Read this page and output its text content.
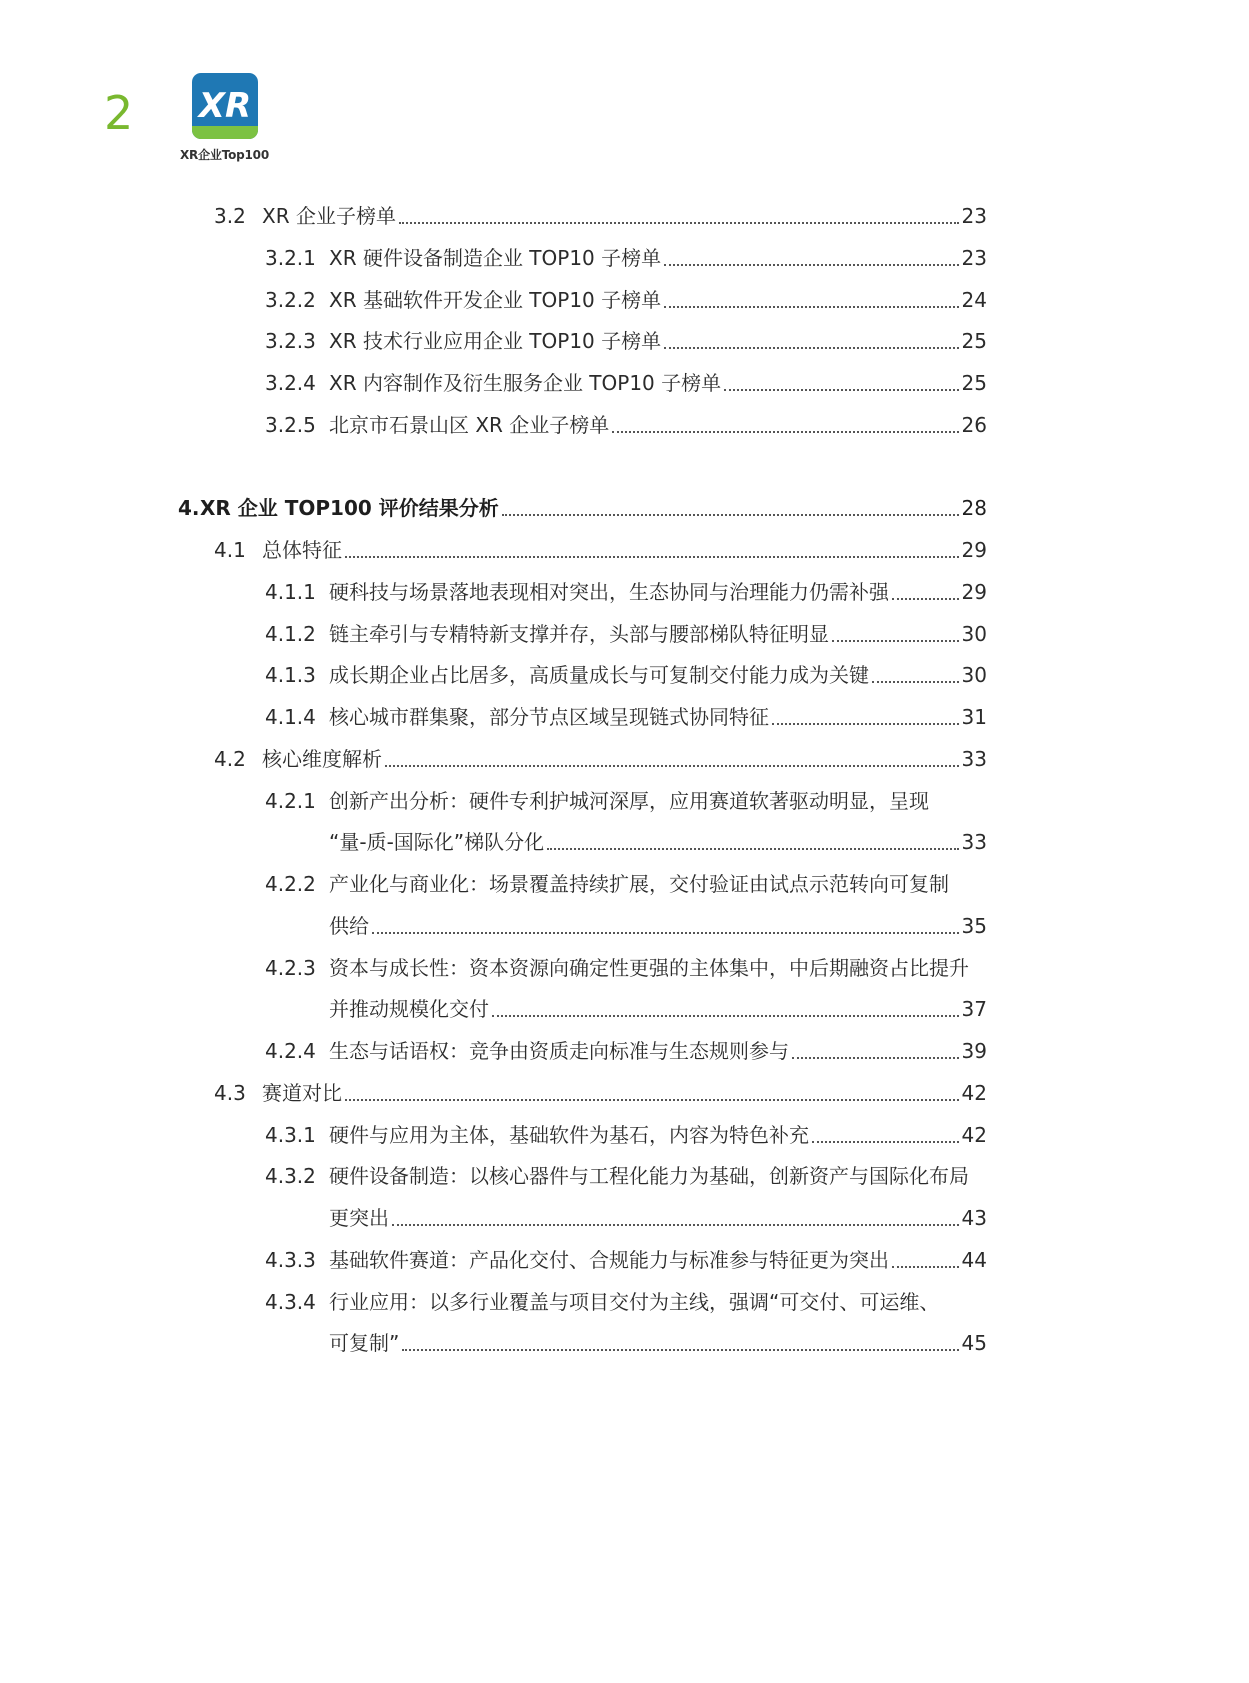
2 XR
XR企业Top100
3.2 XR 企业子榜单	23
3.2.1 XR 硬件设备制造企业 TOP10 子榜单	23
3.2.2 XR 基础软件开发企业 TOP10 子榜单	24
3.2.3 XR 技术行业应用企业 TOP10 子榜单	25
3.2.4 XR 内容制作及衍生服务企业 TOP10 子榜单	25
3.2.5 北京市石景山区 XR 企业子榜单	26
4. XR 企业 TOP100 评价结果分析	28
4.1 总体特征	29
4.1.1 硬科技与场景落地表现相对突出，生态协同与治理能力仍需补强	29
4.1.2 链主牵引与专精特新支撑并存，头部与腰部梯队特征明显	30
4.1.3 成长期企业占比居多，高质量成长与可复制交付能力成为关键	30
4.1.4 核心城市群集聚，部分节点区域呈现链式协同特征	31
4.2 核心维度解析	33
4.2.1 创新产出分析：硬件专利护城河深厚，应用赛道软著驱动明显，呈现
“量-质-国际化”梯队分化	33
4.2.2 产业化与商业化：场景覆盖持续扩展，交付验证由试点示范转向可复制
供给	35
4.2.3 资本与成长性：资本资源向确定性更强的主体集中，中后期融资占比提升
并推动规模化交付	37
4.2.4 生态与话语权：竞争由资质走向标准与生态规则参与	39
4.3 赛道对比	42
4.3.1 硬件与应用为主体，基础软件为基石，内容为特色补充	42
4.3.2 硬件设备制造：以核心器件与工程化能力为基础，创新资产与国际化布局
更突出	43
4.3.3 基础软件赛道：产品化交付、合规能力与标准参与特征更为突出	44
4.3.4 行业应用：以多行业覆盖与项目交付为主线，强调“可交付、可运维、
可复制”	45
